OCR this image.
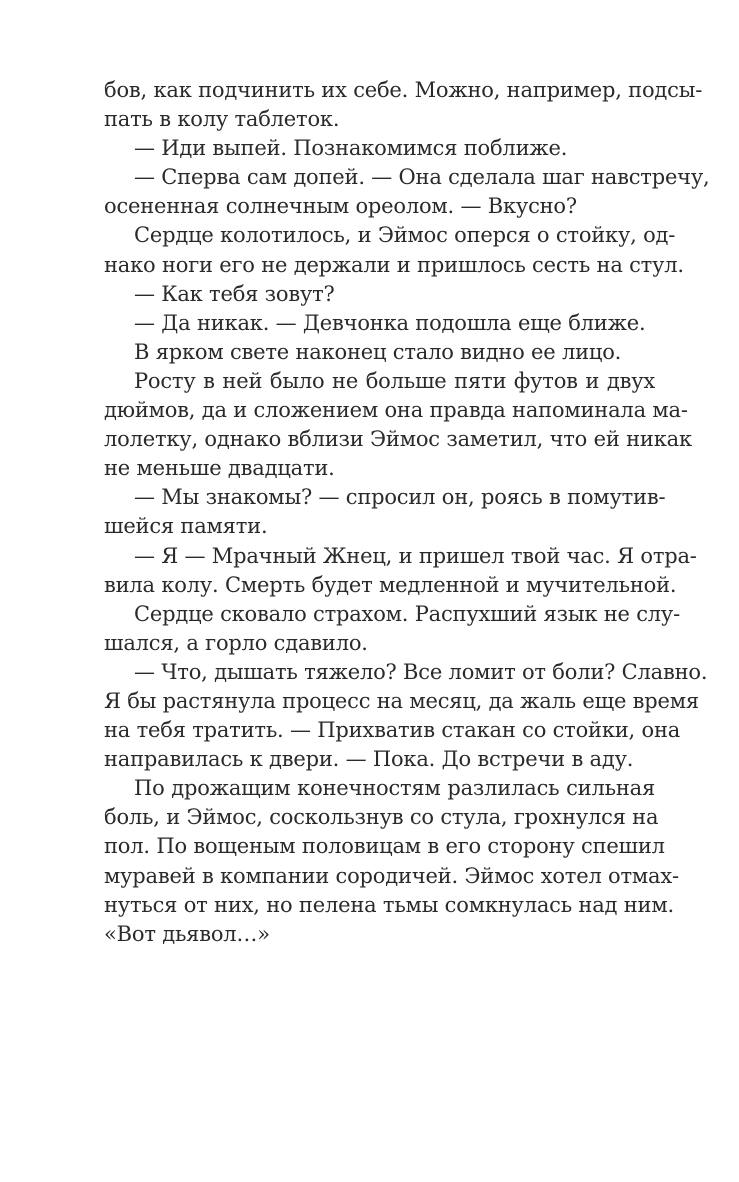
бов, как подчинить их себе. Можно, например, подсы-
пать в колу таблеток.
— Иди выпей. Познакомимся поближе.
— Сперва сам допей. — Она сделала шаг навстречу,
осененная солнечным ореолом. — Вкусно?
Сердце колотилось, и Эймос оперся о стойку, од-
нако ноги его не держали и пришлось сесть на стул.
— Как тебя зовут?
— Да никак. — Девчонка подошла еще ближе.
В ярком свете наконец стало видно ее лицо.
Росту в ней было не больше пяти футов и двух
дюймов, да и сложением она правда напоминала ма-
лолетку, однако вблизи Эймос заметил, что ей никак
не меньше двадцати.
— Мы знакомы? — спросил он, роясь в помутив-
шейся памяти.
— Я — Мрачный Жнец, и пришел твой час. Я отра-
вила колу. Смерть будет медленной и мучительной.
Сердце сковало страхом. Распухший язык не слу-
шался, а горло сдавило.
— Что, дышать тяжело? Все ломит от боли? Славно.
Я бы растянула процесс на месяц, да жаль еще время
на тебя тратить. — Прихватив стакан со стойки, она
направилась к двери. — Пока. До встречи в аду.
По дрожащим конечностям разлилась сильная
боль, и Эймос, соскользнув со стула, грохнулся на
пол. По вощеным половицам в его сторону спешил
муравей в компании сородичей. Эймос хотел отмах-
нуться от них, но пелена тьмы сомкнулась над ним.
«Вот дьявол…»
